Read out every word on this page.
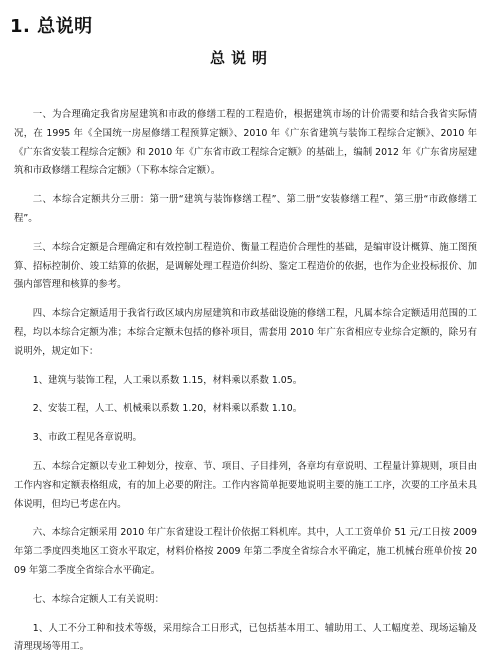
1. 总说明
总说明

一、为合理确定我省房屋建筑和市政的修缮工程的工程造价，根据建筑市场的计价需要和结合我省实际情况，在 1995 年《全国统一房屋修缮工程预算定额》、2010 年《广东省建筑与装饰工程综合定额》、2010 年《广东省安装工程综合定额》和 2010 年《广东省市政工程综合定额》的基础上，编制 2012 年《广东省房屋建筑和市政修缮工程综合定额》（下称本综合定额）。

二、本综合定额共分三册：第一册“建筑与装饰修缮工程”、第二册“安装修缮工程”、第三册“市政修缮工程”。

三、本综合定额是合理确定和有效控制工程造价、衡量工程造价合理性的基础，是编审设计概算、施工图预算、招标控制价、竣工结算的依据，是调解处理工程造价纠纷、鉴定工程造价的依据，也作为企业投标报价、加强内部管理和核算的参考。

四、本综合定额适用于我省行政区域内房屋建筑和市政基础设施的修缮工程，凡属本综合定额适用范围的工程，均以本综合定额为准；本综合定额未包括的修补项目，需套用 2010 年广东省相应专业综合定额的，除另有说明外，规定如下：

1、建筑与装饰工程，人工乘以系数 1.15，材料乘以系数 1.05。

2、安装工程，人工、机械乘以系数 1.20，材料乘以系数 1.10。

3、市政工程见各章说明。

五、本综合定额以专业工种划分，按章、节、项目、子目排列，各章均有章说明、工程量计算规则，项目由工作内容和定额表格组成，有的加上必要的附注。工作内容简单扼要地说明主要的施工工序，次要的工序虽未具体说明，但均已考虑在内。

六、本综合定额采用 2010 年广东省建设工程计价依据工料机库。其中，人工工资单价 51 元/工日按 2009 年第二季度四类地区工资水平取定，材料价格按 2009 年第二季度全省综合水平确定，施工机械台班单价按 2009 年第二季度全省综合水平确定。

七、本综合定额人工有关说明：

1、人工不分工种和技术等级，采用综合工日形式，已包括基本用工、辅助用工、人工幅度差、现场运输及清理现场等用工。
